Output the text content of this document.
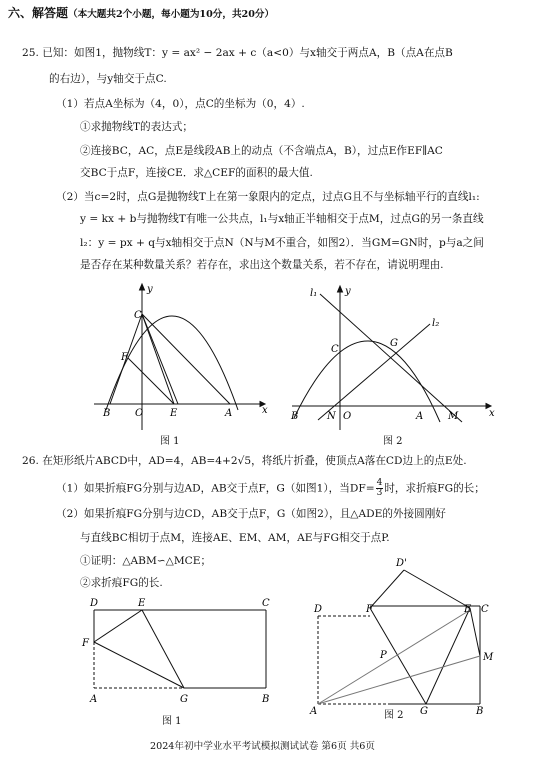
六、解答题（本大题共2个小题，每小题为10分，共20分）
25. 已知：如图1，抛物线T：y = ax² − 2ax + c（a<0）与x轴交于两点A，B（点A在点B
的右边），与y轴交于点C.
（1）若点A坐标为（4，0），点C的坐标为（0，4）.
①求抛物线T的表达式；
②连接BC，AC，点E是线段AB上的动点（不含端点A，B），过点E作EF∥AC
交BC于点F，连接CE．求△CEF的面积的最大值.
（2）当c=2时，点G是抛物线T上在第一象限内的定点，过点G且不与坐标轴平行的直线l₁:
y = kx + b与抛物线T有唯一公共点，l₁与x轴正半轴相交于点M，过点G的另一条直线
l₂：y = px + q与x轴相交于点N（N与M不重合，如图2）．当GM=GN时，p与a之间
是否存在某种数量关系？若存在，求出这个数量关系，若不存在，请说明理由.
y
x
C
F
B O	E	A
图 1
y
x
l₁
l₂
C
G
B	N O	A M
图 2
26. 在矩形纸片ABCD中，AD=4，AB=4+2√5，将纸片折叠，使顶点A落在CD边上的点E处.
（1）如果折痕FG分别与边AD，AB交于点F，G（如图1），当$DF= \frac{4}{3}$ 时，求折痕FG的长；
（2）如果折痕FG分别与边CD，AB交于点F，G（如图2），且△ADE的外接圆刚好
与直线BC相切于点M，连接AE、EM、AM，AE与FG相交于点P.
①证明：△ABM∽△MCE；
②求折痕FG的长.
D	E	C
F
A	G	B
图 1
D'
D	F	E C
P	M
A	G	B
图 2
2024年初中学业水平考试模拟测试试卷 第6页 共6页
